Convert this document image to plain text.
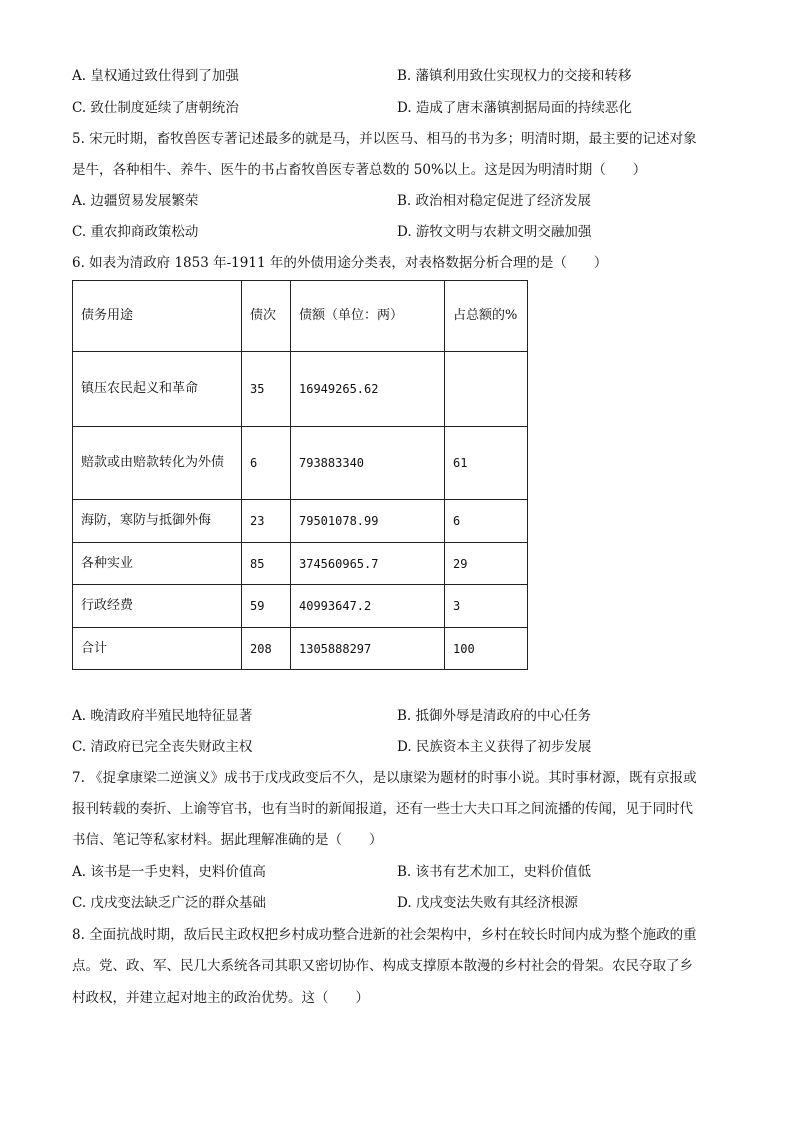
A. 皇权通过致仕得到了加强	B. 藩镇利用致仕实现权力的交接和转移
C. 致仕制度延续了唐朝统治	D. 造成了唐末藩镇割据局面的持续恶化
5. 宋元时期，畜牧兽医专著记述最多的就是马，并以医马、相马的书为多；明清时期，最主要的记述对象
是牛，各种相牛、养牛、医牛的书占畜牧兽医专著总数的 50%以上。这是因为明清时期（　　）
A. 边疆贸易发展繁荣	B. 政治相对稳定促进了经济发展
C. 重农抑商政策松动	D. 游牧文明与农耕文明交融加强
6. 如表为清政府 1853 年-1911 年的外债用途分类表，对表格数据分析合理的是（　　）
债务用途	债次	债额（单位：两）	占总额的%
镇压农民起义和革命	35	16949265.62	
赔款或由赔款转化为外债	6	793883340	61
海防，寒防与抵御外侮	23	79501078.99	6
各种实业	85	374560965.7	29
行政经费	59	40993647.2	3
合计	208	1305888297	100
A. 晚清政府半殖民地特征显著	B. 抵御外辱是清政府的中心任务
C. 清政府已完全丧失财政主权	D. 民族资本主义获得了初步发展
7. 《捉拿康梁二逆演义》成书于戊戌政变后不久，是以康梁为题材的时事小说。其时事材源，既有京报或
报刊转载的奏折、上谕等官书，也有当时的新闻报道，还有一些士大夫口耳之间流播的传闻，见于同时代
书信、笔记等私家材料。据此理解准确的是（　　）
A. 该书是一手史料，史料价值高	B. 该书有艺术加工，史料价值低
C. 戊戌变法缺乏广泛的群众基础	D. 戊戌变法失败有其经济根源
8. 全面抗战时期，敌后民主政权把乡村成功整合进新的社会架构中，乡村在较长时间内成为整个施政的重
点。党、政、军、民几大系统各司其职又密切协作、构成支撑原本散漫的乡村社会的骨架。农民夺取了乡
村政权，并建立起对地主的政治优势。这（　　）
